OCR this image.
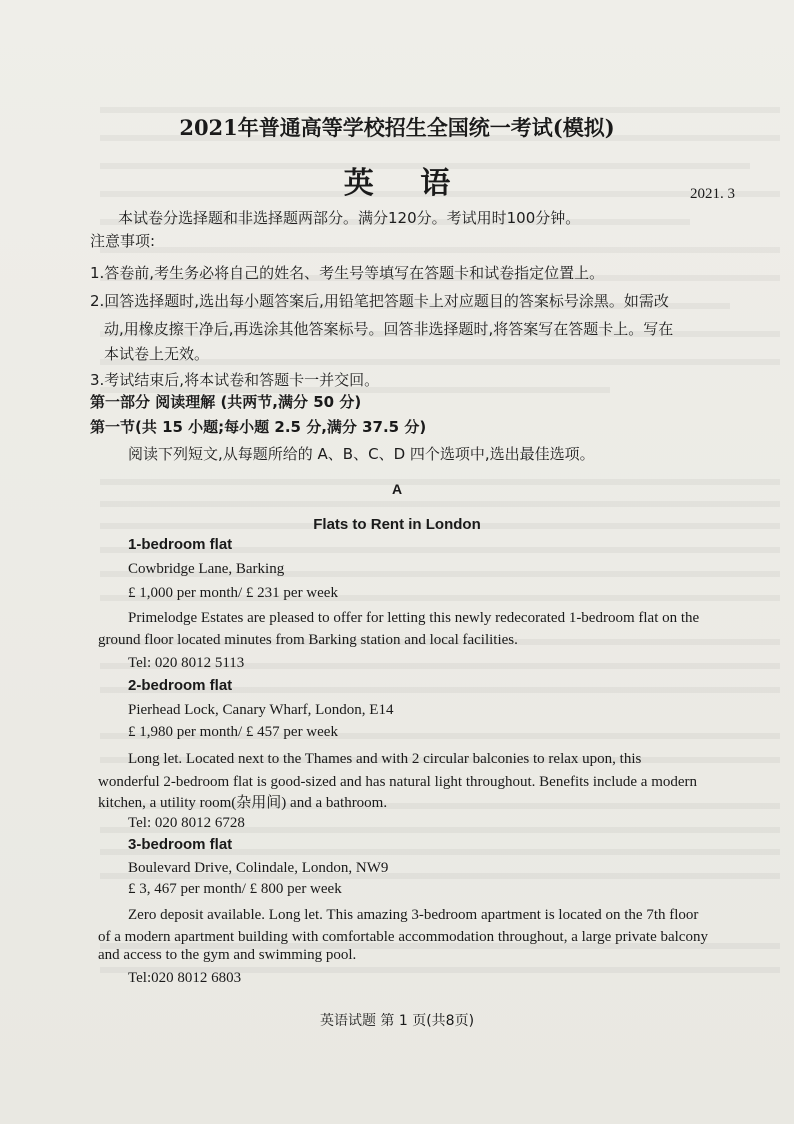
2021年普通高等学校招生全国统一考试(模拟)
英 语	2021. 3
本试卷分选择题和非选择题两部分。满分120分。考试用时100分钟。
注意事项:
1.答卷前,考生务必将自己的姓名、考生号等填写在答题卡和试卷指定位置上。
2.回答选择题时,选出每小题答案后,用铅笔把答题卡上对应题目的答案标号涂黑。如需改
动,用橡皮擦干净后,再选涂其他答案标号。回答非选择题时,将答案写在答题卡上。写在
本试卷上无效。
3.考试结束后,将本试卷和答题卡一并交回。
第一部分 阅读理解 (共两节,满分 50 分)
第一节(共 15 小题;每小题 2.5 分,满分 37.5 分)
阅读下列短文,从每题所给的 A、B、C、D 四个选项中,选出最佳选项。
A
Flats to Rent in London
1-bedroom flat
Cowbridge Lane, Barking
£ 1,000 per month/ £ 231 per week
Primelodge Estates are pleased to offer for letting this newly redecorated 1-bedroom flat on the
ground floor located minutes from Barking station and local facilities.
Tel: 020 8012 5113
2-bedroom flat
Pierhead Lock, Canary Wharf, London, E14
£ 1,980 per month/ £ 457 per week
Long let. Located next to the Thames and with 2 circular balconies to relax upon, this
wonderful 2-bedroom flat is good-sized and has natural light throughout. Benefits include a modern
kitchen, a utility room(杂用间) and a bathroom.
Tel: 020 8012 6728
3-bedroom flat
Boulevard Drive, Colindale, London, NW9
£ 3, 467 per month/ £ 800 per week
Zero deposit available. Long let. This amazing 3-bedroom apartment is located on the 7th floor
of a modern apartment building with comfortable accommodation throughout, a large private balcony
and access to the gym and swimming pool.
Tel:020 8012 6803
英语试题 第 1 页(共8页)
